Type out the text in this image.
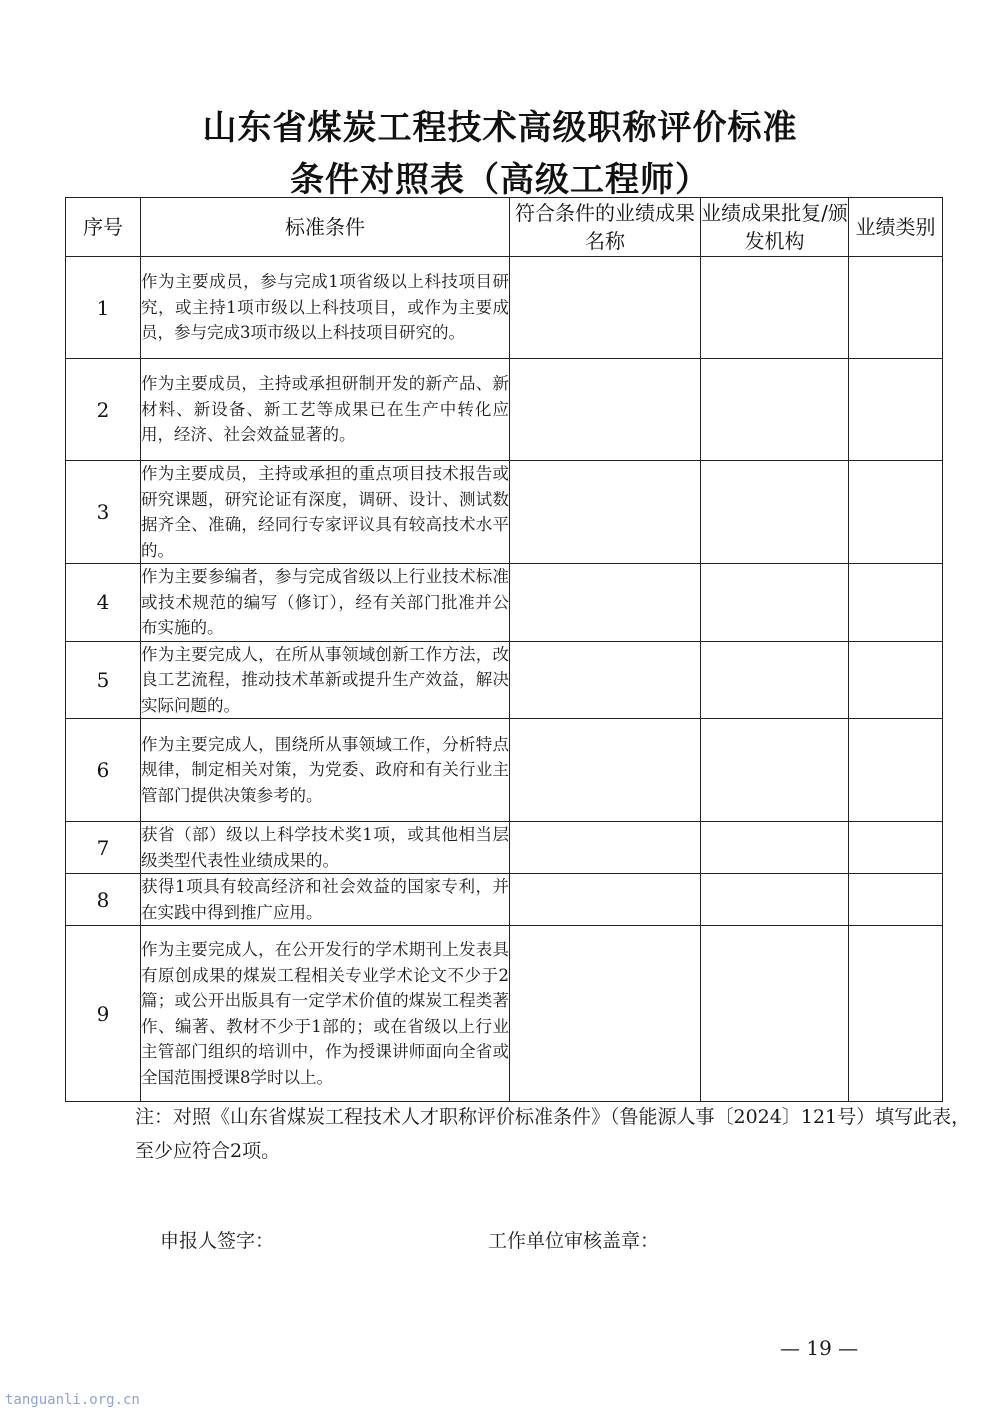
山东省煤炭工程技术高级职称评价标准
条件对照表（高级工程师）
序号	标准条件	符合条件的业绩成果名称	业绩成果批复/颁发机构	业绩类别
1	作为主要成员，参与完成1项省级以上科技项目研究，或主持1项市级以上科技项目，或作为主要成员，参与完成3项市级以上科技项目研究的。			
2	作为主要成员，主持或承担研制开发的新产品、新材料、新设备、新工艺等成果已在生产中转化应用，经济、社会效益显著的。			
3	作为主要成员，主持或承担的重点项目技术报告或研究课题，研究论证有深度，调研、设计、测试数据齐全、准确，经同行专家评议具有较高技术水平的。			
4	作为主要参编者，参与完成省级以上行业技术标准或技术规范的编写（修订），经有关部门批准并公布实施的。			
5	作为主要完成人，在所从事领域创新工作方法，改良工艺流程，推动技术革新或提升生产效益，解决实际问题的。			
6	作为主要完成人，围绕所从事领域工作，分析特点规律，制定相关对策，为党委、政府和有关行业主管部门提供决策参考的。			
7	获省（部）级以上科学技术奖1项，或其他相当层级类型代表性业绩成果的。			
8	获得1项具有较高经济和社会效益的国家专利，并在实践中得到推广应用。			
9	作为主要完成人，在公开发行的学术期刊上发表具有原创成果的煤炭工程相关专业学术论文不少于2篇；或公开出版具有一定学术价值的煤炭工程类著作、编著、教材不少于1部的；或在省级以上行业主管部门组织的培训中，作为授课讲师面向全省或全国范围授课8学时以上。			
注：对照《山东省煤炭工程技术人才职称评价标准条件》（鲁能源人事〔2024〕121号）填写此表，至少应符合2项。
申报人签字：	工作单位审核盖章：
— 19 —
tanguanli.org.cn
